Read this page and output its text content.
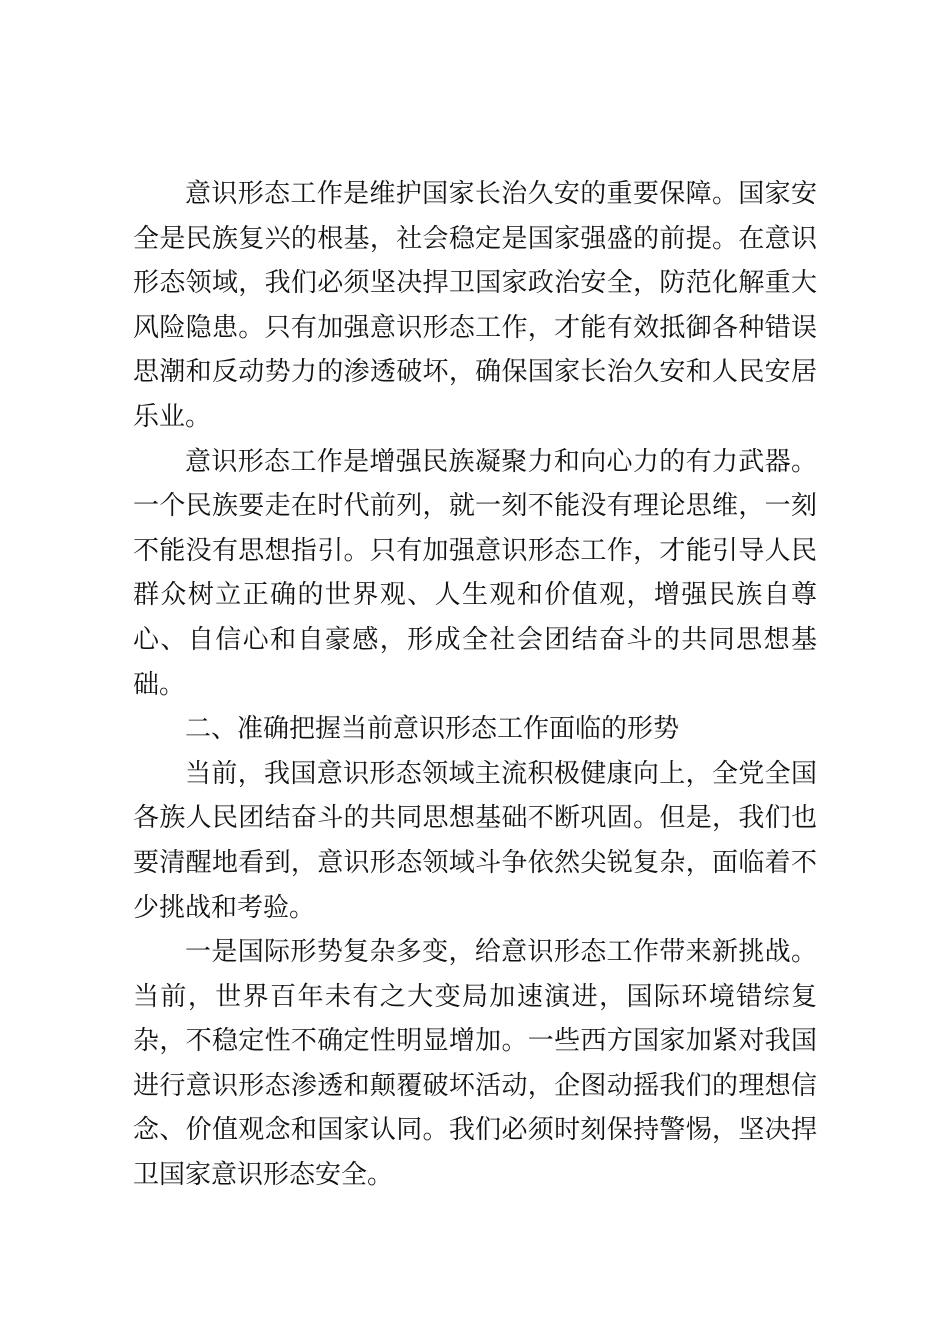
意识形态工作是维护国家长治久安的重要保障。国家安全是民族复兴的根基，社会稳定是国家强盛的前提。在意识形态领域，我们必须坚决捍卫国家政治安全，防范化解重大风险隐患。只有加强意识形态工作，才能有效抵御各种错误思潮和反动势力的渗透破坏，确保国家长治久安和人民安居乐业。

意识形态工作是增强民族凝聚力和向心力的有力武器。一个民族要走在时代前列，就一刻不能没有理论思维，一刻不能没有思想指引。只有加强意识形态工作，才能引导人民群众树立正确的世界观、人生观和价值观，增强民族自尊心、自信心和自豪感，形成全社会团结奋斗的共同思想基础。

二、准确把握当前意识形态工作面临的形势

当前，我国意识形态领域主流积极健康向上，全党全国各族人民团结奋斗的共同思想基础不断巩固。但是，我们也要清醒地看到，意识形态领域斗争依然尖锐复杂，面临着不少挑战和考验。

一是国际形势复杂多变，给意识形态工作带来新挑战。当前，世界百年未有之大变局加速演进，国际环境错综复杂，不稳定性不确定性明显增加。一些西方国家加紧对我国进行意识形态渗透和颠覆破坏活动，企图动摇我们的理想信念、价值观念和国家认同。我们必须时刻保持警惕，坚决捍卫国家意识形态安全。
